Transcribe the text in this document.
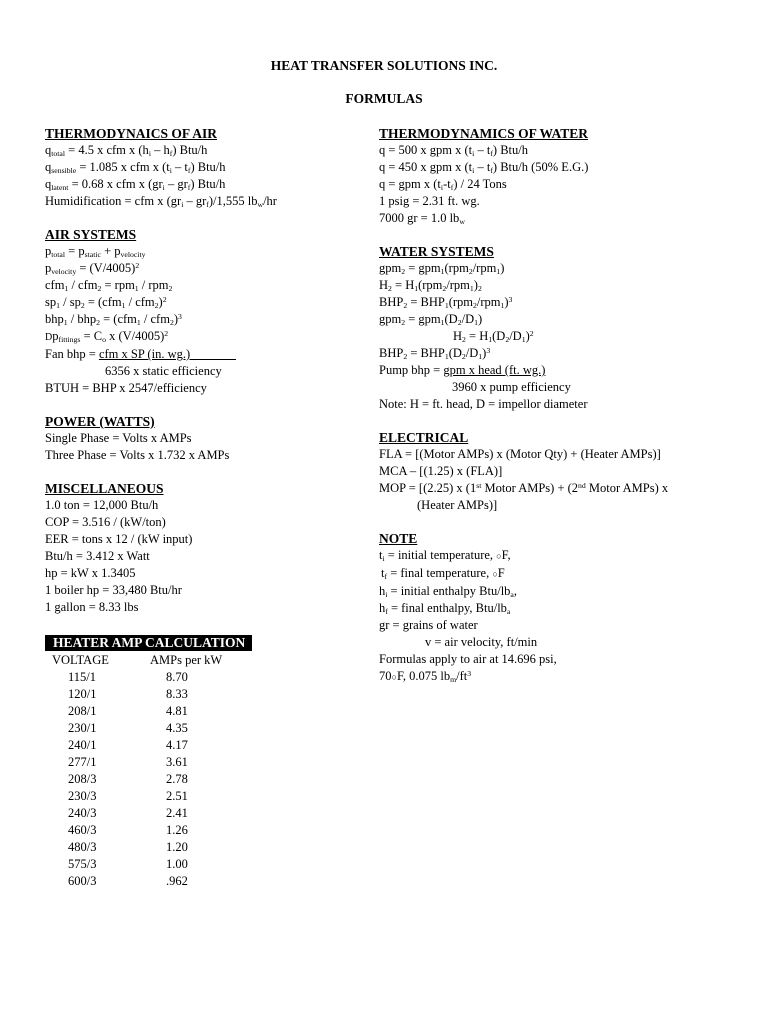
HEAT TRANSFER SOLUTIONS INC.
FORMULAS
THERMODYNAICS OF AIR
$q_{total} = 4.5$ x cfm x $(h_i - h_f)$ Btu/h
$q_{sensible} = 1.085$ x cfm x $(t_i - t_f)$ Btu/h
$q_{latent} = 0.68$ x cfm x $(gr_i - gr_f)$ Btu/h
Humidification = cfm x $(gr_i - gr_f)/1,555$ $lb_w/hr$
AIR SYSTEMS
$p_{total} = p_{static} + p_{velocity}$
$p_{velocity} = (V/4005)^2$
cfm$_1$ / cfm$_2$ = rpm$_1$ / rpm$_2$
$sp_1 / sp_2 = (cfm_1 / cfm_2)^2$
bhp$_1$ / bhp$_2$ = (cfm$_1$ / cfm$_2$)$^3$
$Dp_{fittings} = C_o$ x $(V/4005)^2$
Fan bhp = cfm x SP (in. wg.)
6356 x static efficiency
BTUH = BHP x 2547/efficiency
POWER (WATTS)
Single Phase = Volts x AMPs
Three Phase = Volts x 1.732 x AMPs
MISCELLANEOUS
1.0 ton = 12,000 Btu/h
COP = 3.516 / (kW/ton)
EER = tons x 12 / (kW input)
Btu/h = 3.412 x Watt
hp = kW x 1.3405
1 boiler hp = 33,480 Btu/hr
1 gallon = 8.33 lbs
HEATER AMP CALCULATION
VOLTAGE	AMPs per kW
115/1	8.70
120/1	8.33
208/1	4.81
230/1	4.35
240/1	4.17
277/1	3.61
208/3	2.78
230/3	2.51
240/3	2.41
460/3	1.26
480/3	1.20
575/3	1.00
600/3	.962
THERMODYNAMICS OF WATER
q = 500 x gpm x $(t_i - t_f)$ Btu/h
q = 450 x gpm x $(t_i - t_f)$ Btu/h (50% E.G.)
q = gpm x $(t_i-t_f) / 24$ Tons
1 psig = 2.31 ft. wg.
7000 gr = 1.0 $lb_w$
WATER SYSTEMS
gpm$_2$ = gpm$_1$(rpm$_2$/rpm$_1$)
$H_2 = H_1(rpm_2/rpm_1)_2$
$BHP_2 = BHP_1(rpm_2/rpm_1)^3$
$gpm_2 = gpm_1(D_2/D_1)$
$H_2 = H_1(D_2/D_1)^2$
$BHP_2 = BHP_1(D_2/D_1)^3$
Pump bhp = gpm x head (ft. wg.)
3960 x pump efficiency
Note: H = ft. head, D = impellor diameter
ELECTRICAL
FLA = [(Motor AMPs) x (Motor Qty) + (Heater AMPs)]
MCA – [(1.25) x (FLA)]
MOP = [(2.25) x (1st Motor AMPs) + (2nd Motor AMPs) x
(Heater AMPs)]
NOTE
$t_i$ = initial temperature, ○F,
$t_f$ = final temperature, ○F
$h_i$ = initial enthalpy Btu/$lb_a$,
$h_f$ = final enthalpy, Btu/$lb_a$
gr = grains of water
v = air velocity, ft/min
Formulas apply to air at 14.696 psi,
70○F, 0.075 $lb_m/ft^3$
